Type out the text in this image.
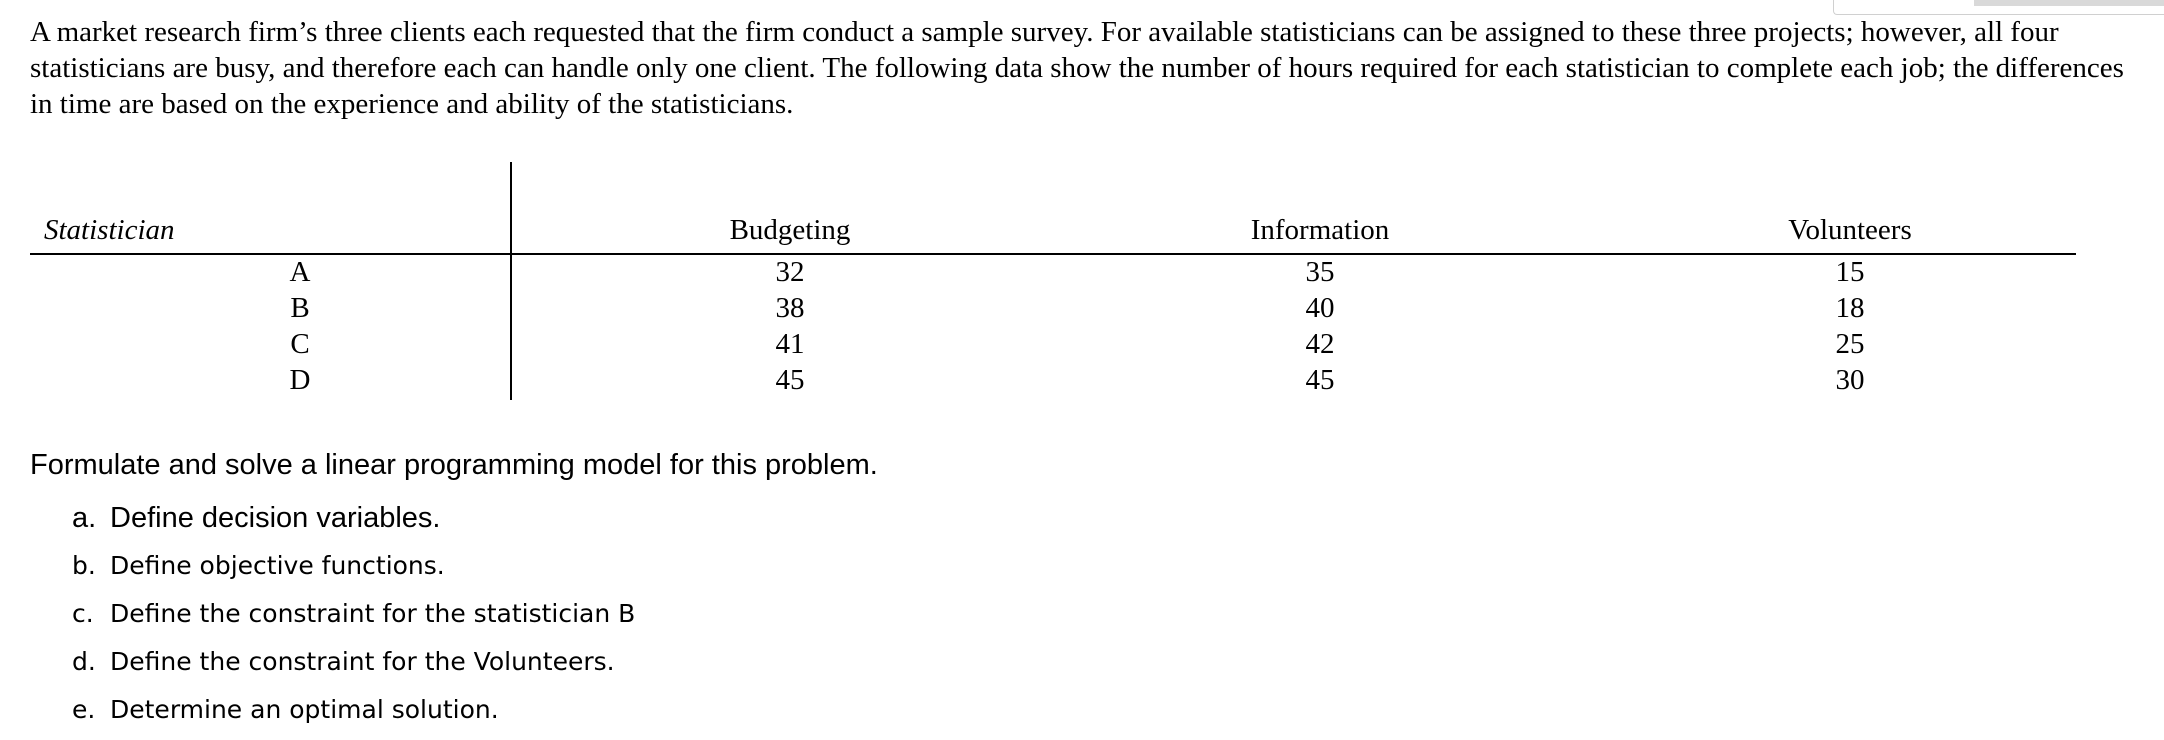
A market research firm’s three clients each requested that the firm conduct a sample survey. For available statisticians can be assigned to these three projects; however, all four statisticians are busy, and therefore each can handle only one client. The following data show the number of hours required for each statistician to complete each job; the differences in time are based on the experience and ability of the statisticians.

Statistician	Budgeting	Information	Volunteers
A	32	35	15
B	38	40	18
C	41	42	25
D	45	45	30

Formulate and solve a linear programming model for this problem.

a. Define decision variables.
b. Define objective functions.
c. Define the constraint for the statistician B
d. Define the constraint for the Volunteers.
e. Determine an optimal solution.
